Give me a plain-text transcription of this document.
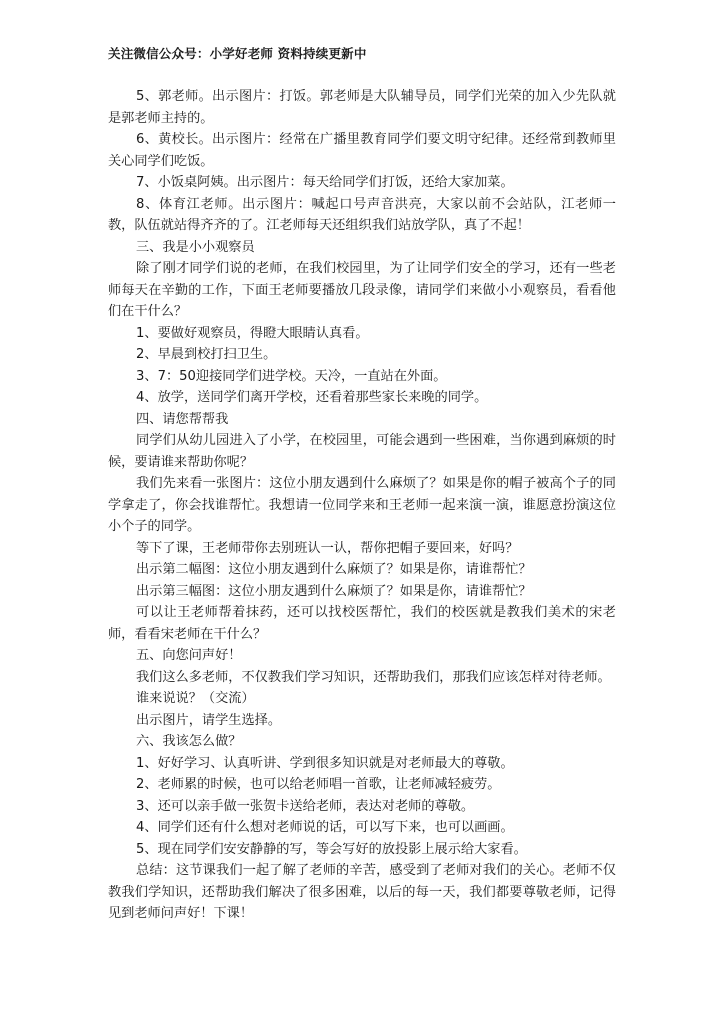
关注微信公众号：小学好老师 资料持续更新中

5、郭老师。出示图片：打饭。郭老师是大队辅导员，同学们光荣的加入少先队就是郭老师主持的。

6、黄校长。出示图片：经常在广播里教育同学们要文明守纪律。还经常到教师里关心同学们吃饭。

7、小饭桌阿姨。出示图片：每天给同学们打饭，还给大家加菜。

8、体育江老师。出示图片：喊起口号声音洪亮，大家以前不会站队，江老师一教，队伍就站得齐齐的了。江老师每天还组织我们站放学队，真了不起！

三、我是小小观察员

除了刚才同学们说的老师，在我们校园里，为了让同学们安全的学习，还有一些老师每天在辛勤的工作，下面王老师要播放几段录像，请同学们来做小小观察员，看看他们在干什么？

1、要做好观察员，得瞪大眼睛认真看。

2、早晨到校打扫卫生。

3、7：50迎接同学们进学校。天冷，一直站在外面。

4、放学，送同学们离开学校，还看着那些家长来晚的同学。

四、请您帮帮我

同学们从幼儿园进入了小学，在校园里，可能会遇到一些困难，当你遇到麻烦的时候，要请谁来帮助你呢？

我们先来看一张图片：这位小朋友遇到什么麻烦了？如果是你的帽子被高个子的同学拿走了，你会找谁帮忙。我想请一位同学来和王老师一起来演一演，谁愿意扮演这位小个子的同学。

等下了课，王老师带你去别班认一认，帮你把帽子要回来，好吗？

出示第二幅图：这位小朋友遇到什么麻烦了？如果是你，请谁帮忙？

出示第三幅图：这位小朋友遇到什么麻烦了？如果是你，请谁帮忙？

可以让王老师帮着抹药，还可以找校医帮忙，我们的校医就是教我们美术的宋老师，看看宋老师在干什么？

五、向您问声好！

我们这么多老师，不仅教我们学习知识，还帮助我们，那我们应该怎样对待老师。

谁来说说？（交流）

出示图片，请学生选择。

六、我该怎么做？

1、好好学习、认真听讲、学到很多知识就是对老师最大的尊敬。

2、老师累的时候，也可以给老师唱一首歌，让老师减轻疲劳。

3、还可以亲手做一张贺卡送给老师，表达对老师的尊敬。

4、同学们还有什么想对老师说的话，可以写下来，也可以画画。

5、现在同学们安安静静的写，等会写好的放投影上展示给大家看。

总结：这节课我们一起了解了老师的辛苦，感受到了老师对我们的关心。老师不仅教我们学知识，还帮助我们解决了很多困难，以后的每一天，我们都要尊敬老师，记得见到老师问声好！下课！
